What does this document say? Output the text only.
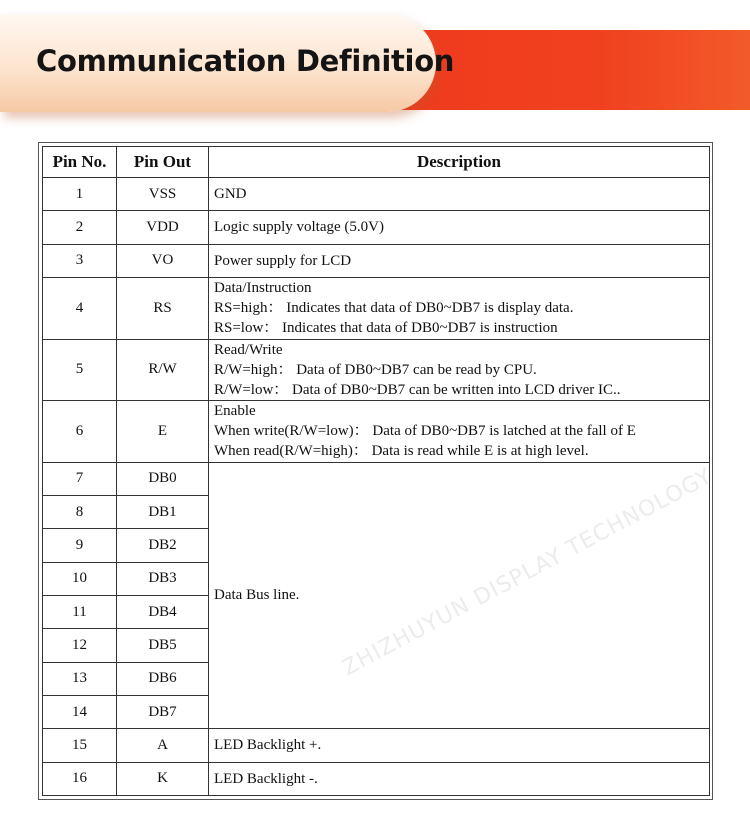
Communication Definition
Pin No.	Pin Out	Description
1	VSS	GND
2	VDD	Logic supply voltage (5.0V)
3	VO	Power supply for LCD
4	RS	Data/Instruction
RS=high： Indicates that data of DB0~DB7 is display data.
RS=low： Indicates that data of DB0~DB7 is instruction

5	R/W	Read/Write
R/W=high： Data of DB0~DB7 can be read by CPU.
R/W=low： Data of DB0~DB7 can be written into LCD driver IC..

6	E	Enable
When write(R/W=low)： Data of DB0~DB7 is latched at the fall of E
When read(R/W=high)： Data is read while E is at high level.

7	DB0	Data Bus line.
8	DB1	
9	DB2	
10	DB3	
11	DB4	
12	DB5	
13	DB6	
14	DB7	
15	A	LED Backlight +.
16	K	LED Backlight -.
ZHIZHUYUN DISPLAY TECHNOLOGY
